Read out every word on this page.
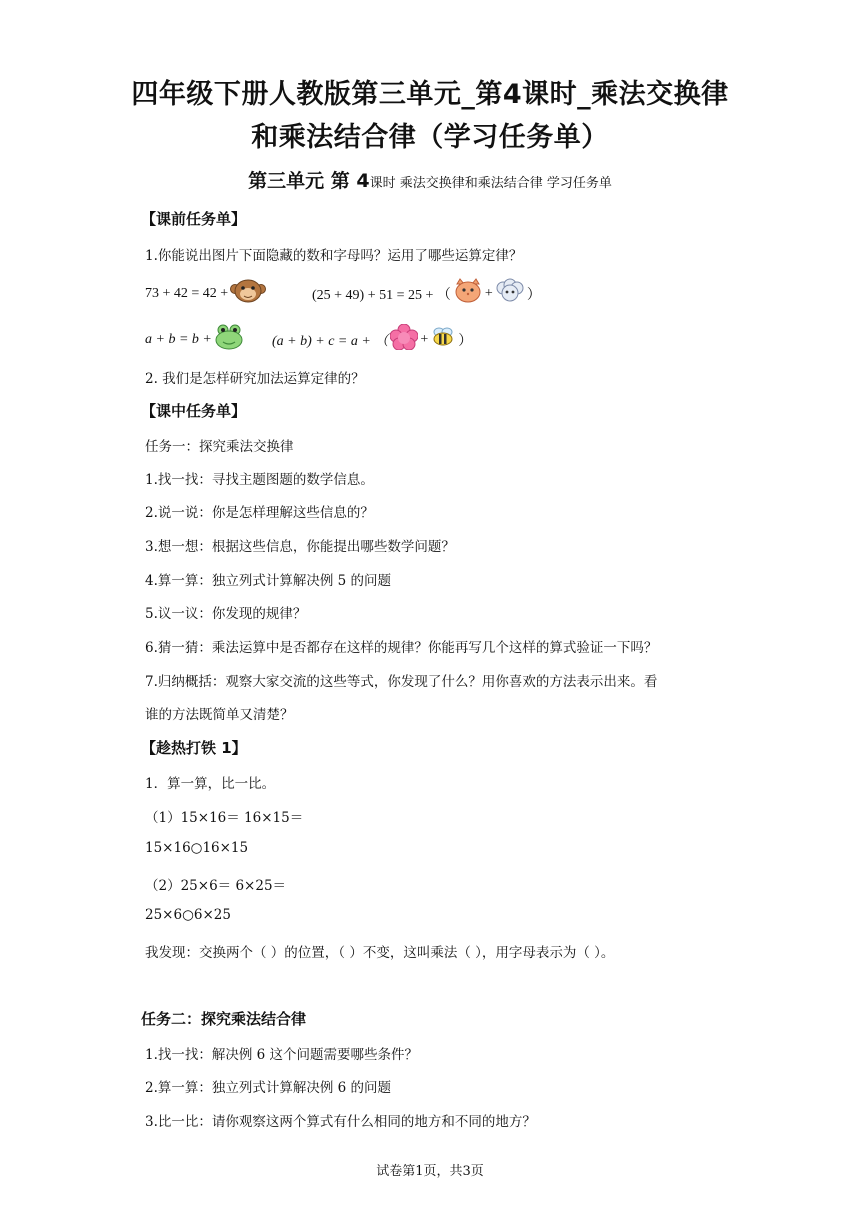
四年级下册人教版第三单元_第4课时_乘法交换律
和乘法结合律（学习任务单）
第三单元 第 4课时 乘法交换律和乘法结合律 学习任务单
【课前任务单】
1.你能说出图片下面隐藏的数和字母吗？运用了哪些运算定律？
73 + 42 = 42 +	(25 + 49) + 51 = 25 + （ + ）
a + b = b +	(a + b) + c = a + （ + ）
2. 我们是怎样研究加法运算定律的？
【课中任务单】
任务一：探究乘法交换律
1.找一找：寻找主题图题的数学信息。
2.说一说：你是怎样理解这些信息的？
3.想一想：根据这些信息，你能提出哪些数学问题？
4.算一算：独立列式计算解决例 5 的问题
5.议一议：你发现的规律？
6.猜一猜：乘法运算中是否都存在这样的规律？你能再写几个这样的算式验证一下吗？
7.归纳概括：观察大家交流的这些等式，你发现了什么？用你喜欢的方法表示出来。看
谁的方法既简单又清楚？
【趁热打铁 1】
1．算一算，比一比。
（1）15×16＝ 16×15＝
15×16○16×15
（2）25×6＝ 6×25＝
25×6○6×25
我发现：交换两个（ ）的位置，（ ）不变，这叫乘法（ ），用字母表示为（ ）。
任务二：探究乘法结合律
1.找一找：解决例 6 这个问题需要哪些条件？
2.算一算：独立列式计算解决例 6 的问题
3.比一比：请你观察这两个算式有什么相同的地方和不同的地方？
试卷第1页，共3页
